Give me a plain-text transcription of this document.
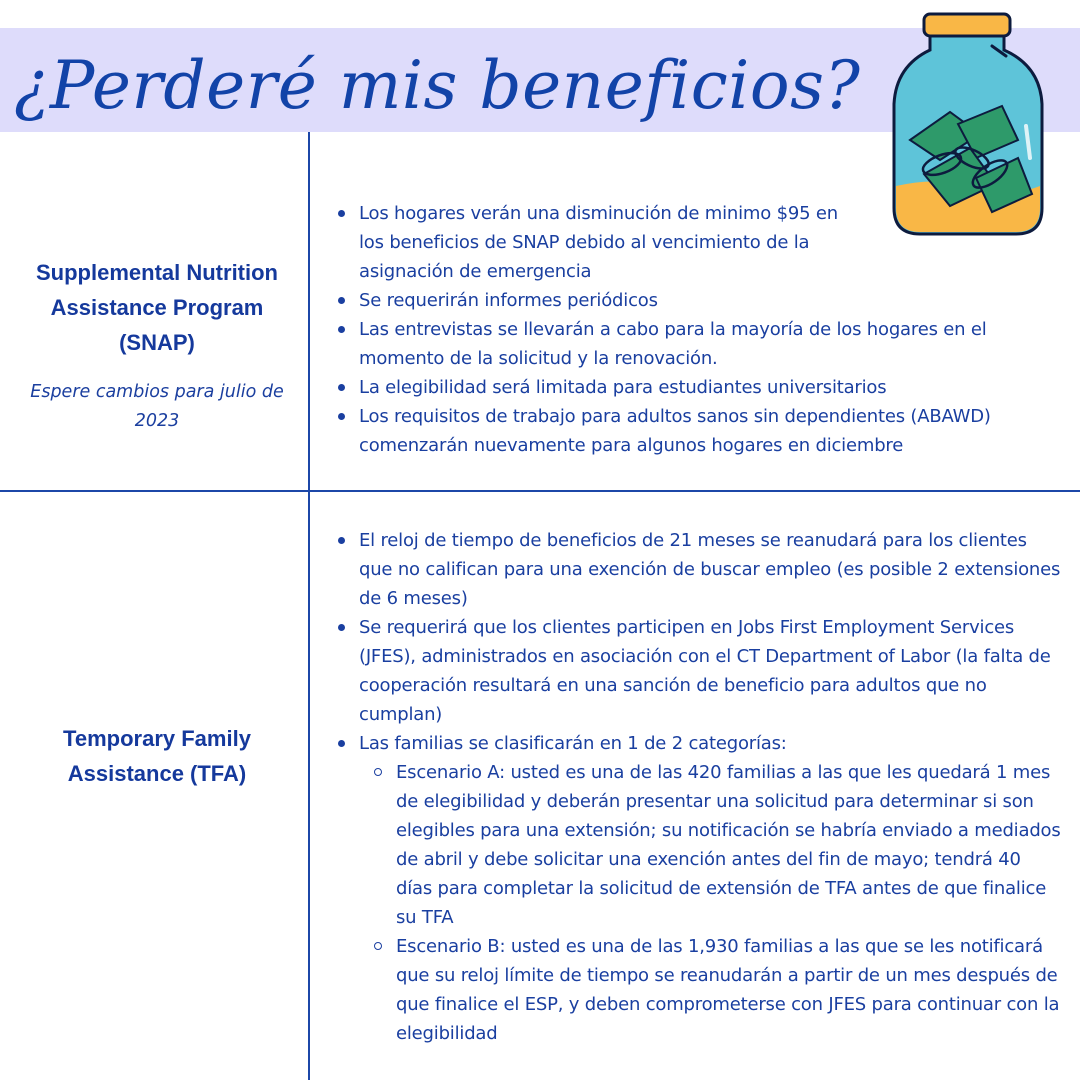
¿Perderé mis beneficios?
Supplemental Nutrition Assistance Program (SNAP)
Espere cambios para julio de 2023
Los hogares verán una disminución de minimo $95 en los beneficios de SNAP debido al vencimiento de la asignación de emergencia
Se requerirán informes periódicos
Las entrevistas se llevarán a cabo para la mayoría de los hogares en el momento de la solicitud y la renovación.
La elegibilidad será limitada para estudiantes universitarios
Los requisitos de trabajo para adultos sanos sin dependientes (ABAWD) comenzarán nuevamente para algunos hogares en diciembre
Temporary Family Assistance (TFA)
El reloj de tiempo de beneficios de 21 meses se reanudará para los clientes que no califican para una exención de buscar empleo (es posible 2 extensiones de 6 meses)
Se requerirá que los clientes participen en Jobs First Employment Services (JFES), administrados en asociación con el CT Department of Labor (la falta de cooperación resultará en una sanción de beneficio para adultos que no cumplan)
Las familias se clasificarán en 1 de 2 categorías:
Escenario A: usted es una de las 420 familias a las que les quedará 1 mes de elegibilidad y deberán presentar una solicitud para determinar si son elegibles para una extensión; su notificación se habría enviado a mediados de abril y debe solicitar una exención antes del fin de mayo; tendrá 40 días para completar la solicitud de extensión de TFA antes de que finalice su TFA
Escenario B: usted es una de las 1,930 familias a las que se les notificará que su reloj límite de tiempo se reanudarán a partir de un mes después de que finalice el ESP, y deben comprometerse con JFES para continuar con la elegibilidad
